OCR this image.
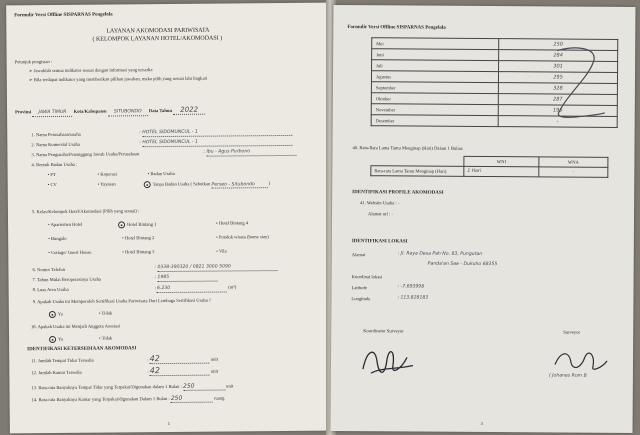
Formulir Versi Offline SISPARNAS Pengelola
LAYANAN AKOMODASI PARIWISATA
( KELOMPOK LAYANAN HOTEL/AKOMODASI )
Petunjuk pengisian :
➢ Jawablah semua indikator sesuai dengan informasi yang tersedia
➢ Bila terdapat indikator yang memberikan pilihan jawaban, maka pilih yang sesuai lalu lingkari
Provinsi JAWA TIMUR Kota/Kabupaten SITUBONDO Data Tahun 2022
1. Nama Perusahaan/usaha	: HOTEL SIDOMUNCUL - 1
2. Nama Komersial Usaha	: HOTEL SIDOMUNCUL - 1
3. Nama Pengusaha/Penanggung Jawab Usaha/Perusahaan	: Ibu - Agus Purbono
4. Bentuk Badan Usaha :
• PT	• Koperasi	• Badan Usaha
• CV	• Yayasan	● Tanpa Badan Usaha ( Sebutkan Perseo - Situbondo	)
5. Kelas/Kelompok Hotel/Akomodasi (Pilih yang sesuai) :
• Apartemen Hotel	● Hotel Bintang 1	• Hotel Bintang 4
• Bungalo	• Hotel Bintang 2	• Pondok wisata (home stay)
• Cottage/ Guest House	• Hotel Bintang 3	• Vila
6. Nomor Telefon	: 0338-390320 / 0821 3000 5090
7. Tahun Mulai Beroperasinya Usaha	: 1985
8. Luas Area Usaha	: 6.230	(m²)
9. Apakah Usaha ini Memperoleh Sertifikasi Usaha Pariwisata Dari Lembaga Sertifikasi Usaha ?
● Ya	• Tidak
10. Apakah Usaha ini Menjadi Anggota Asosiasi
● Ya	• Tidak
IDENTIFIKASI KETERSEDIAAN AKOMODASI
11. Jumlah Tempat Tidur Tersedia	: 42	unit
12. Jumlah Kamar Tersedia	: 42	unit
13. Rata-rata Banyaknya Tempat Tidur yang Terpakai/Digunakan dalam 1 Bulan : 250	unit
14. Rata-rata Banyaknya Kamar yang Terpakai/digunakan Dalam 1 Bulan : 250	ruang
1
Formulir Versi Offline SISPARNAS Pengelola
Mei	250
Juni	284
Juli	301
Agustus	295
September	328
Oktober	287
November	195
Desember	-
40. Rata-Rata Lama Tamu Menginap (Hari) Dalam 1 Bulan:
	WNI	WNA
Rata-rata Lama Tamu Menginap (Hari)	1 Hari	-
IDENTIFIKASI PROFILE AKOMODASI
41. Website Usaha : -
Alamat url : -
IDENTIFIKASI LOKASI
Alamat	: Jl. Raya Desa Pah No. 83, Pungutan
Panda'an Sae - Dukuho 68355
Koordinat lokasi
Latitude	: -7.693998
Longitude	: 113.828183
Koordinator Surveyor	Surveyor
( Johanes Rom B
3
